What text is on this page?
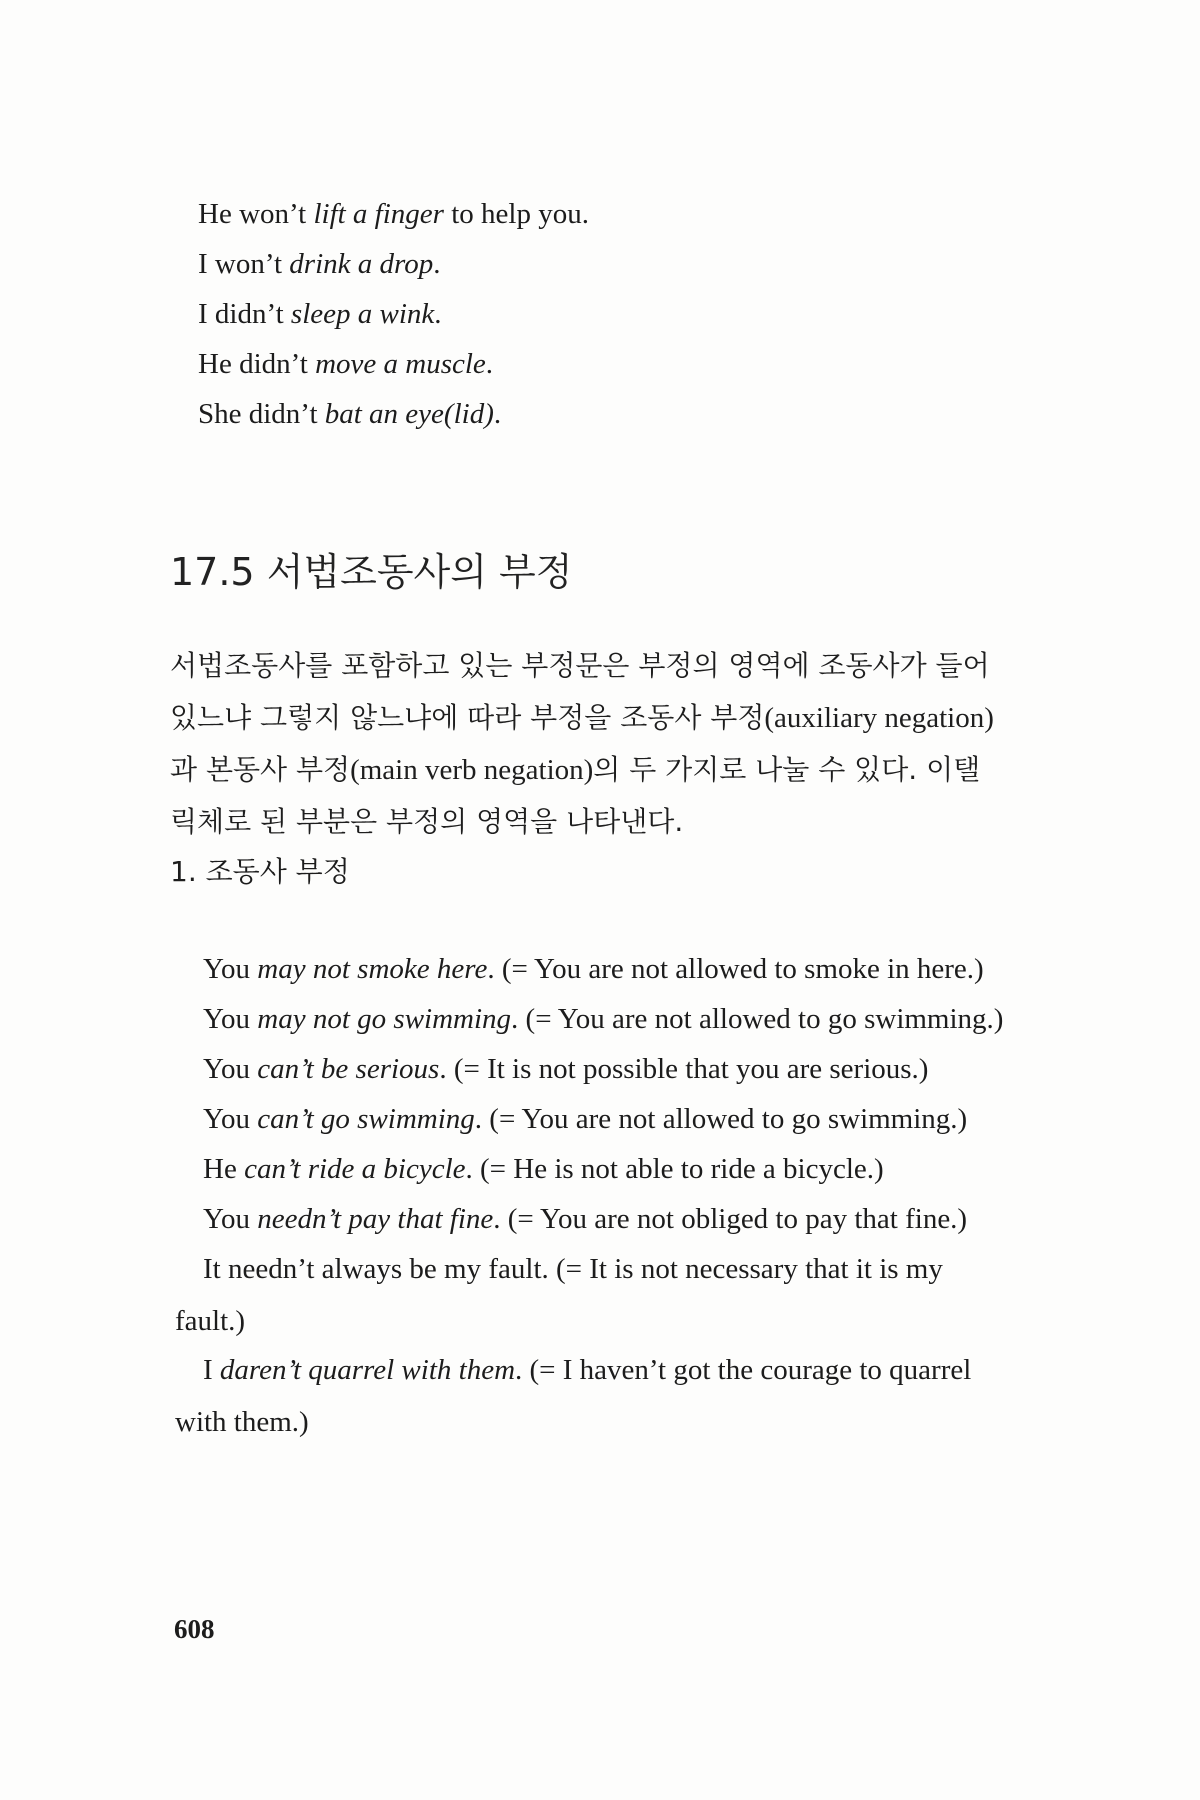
He won’t lift a finger to help you.
I won’t drink a drop.
I didn’t sleep a wink.
He didn’t move a muscle.
She didn’t bat an eye(lid).
17.5 서법조동사의 부정
서법조동사를 포함하고 있는 부정문은 부정의 영역에 조동사가 들어
있느냐 그렇지 않느냐에 따라 부정을 조동사 부정(auxiliary negation)
과 본동사 부정(main verb negation)의 두 가지로 나눌 수 있다. 이탤
릭체로 된 부분은 부정의 영역을 나타낸다.
1. 조동사 부정
You may not smoke here. (= You are not allowed to smoke in here.)
You may not go swimming. (= You are not allowed to go swimming.)
You can’t be serious. (= It is not possible that you are serious.)
You can’t go swimming. (= You are not allowed to go swimming.)
He can’t ride a bicycle. (= He is not able to ride a bicycle.)
You needn’t pay that fine. (= You are not obliged to pay that fine.)
It needn’t always be my fault. (= It is not necessary that it is my
fault.)
I daren’t quarrel with them. (= I haven’t got the courage to quarrel
with them.)
608
